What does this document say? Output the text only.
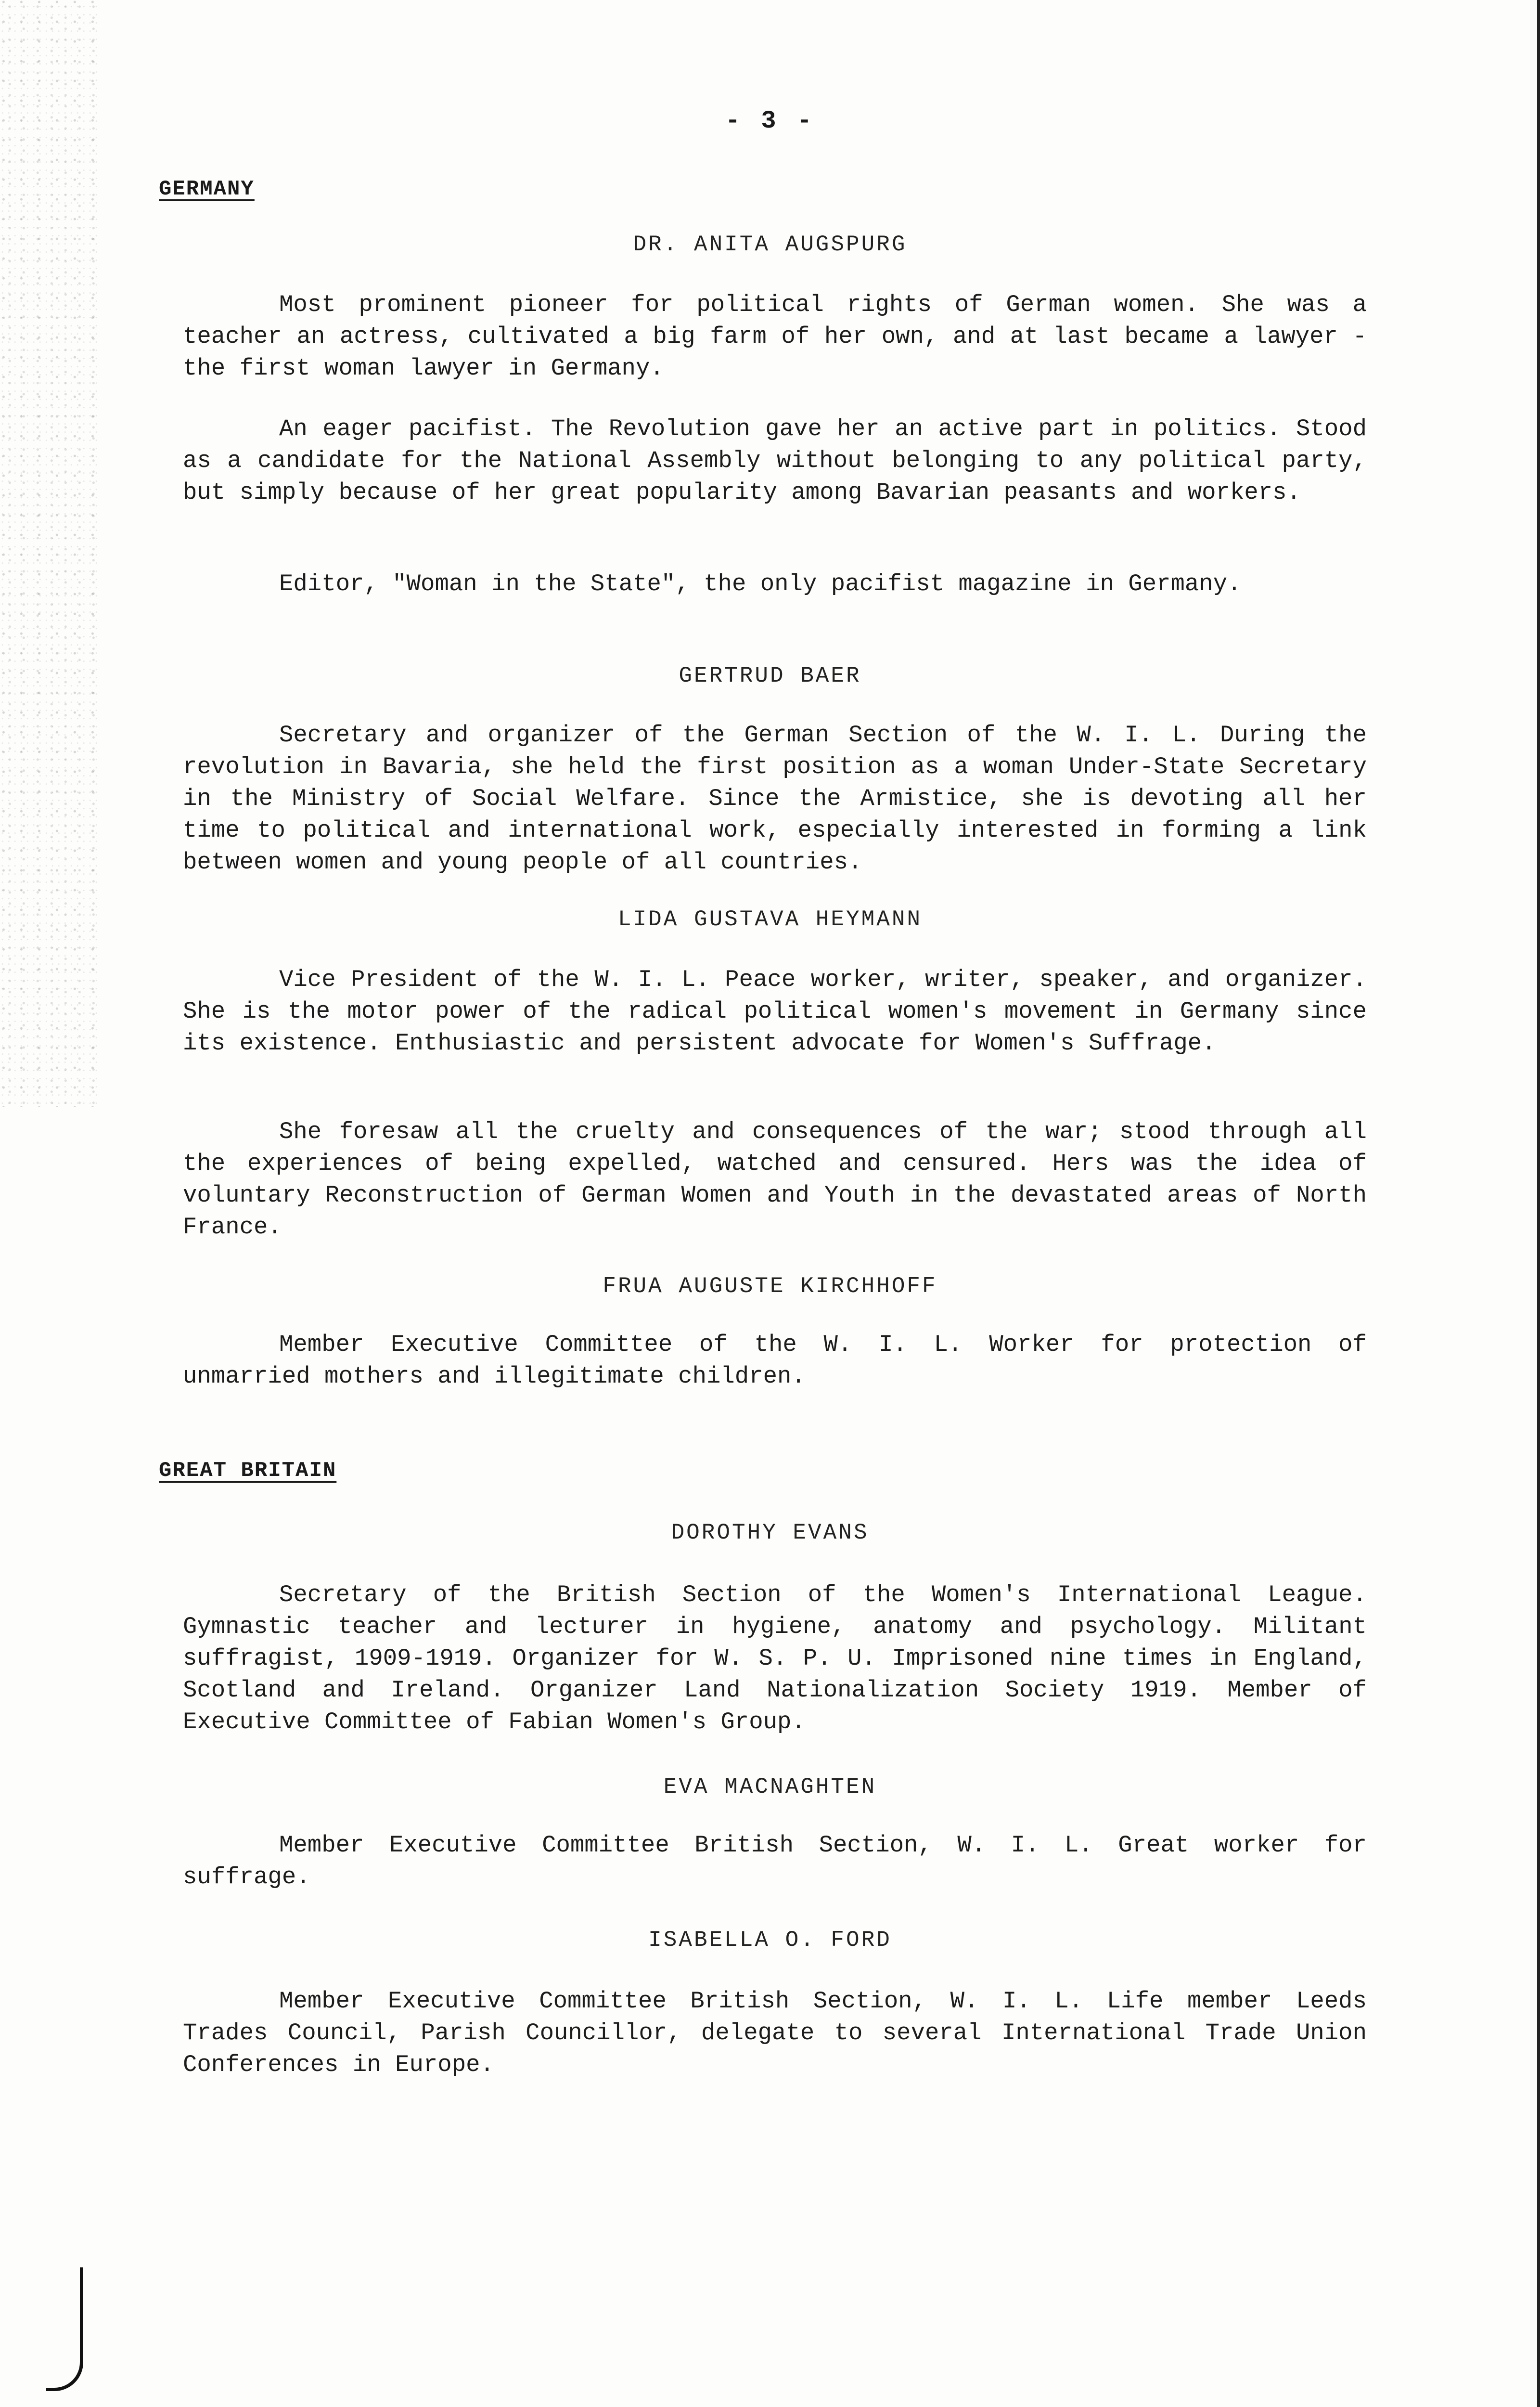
- 3 -
GERMANY
DR. ANITA AUGSPURG

Most prominent pioneer for political rights of German women. She was a teacher an actress, cultivated a big farm of her own, and at last became a lawyer - the first woman lawyer in Germany.

An eager pacifist. The Revolution gave her an active part in politics. Stood as a candidate for the National Assembly without belonging to any political party, but simply because of her great popularity among Bavarian peasants and workers.

Editor, "Woman in the State", the only pacifist magazine in Germany.

GERTRUD BAER

Secretary and organizer of the German Section of the W. I. L. During the revolution in Bavaria, she held the first position as a woman Under-State Secretary in the Ministry of Social Welfare. Since the Armistice, she is devoting all her time to political and international work, especially interested in forming a link between women and young people of all countries.

LIDA GUSTAVA HEYMANN

Vice President of the W. I. L. Peace worker, writer, speaker, and organizer. She is the motor power of the radical political women's movement in Germany since its existence. Enthusiastic and persistent advocate for Women's Suffrage.

She foresaw all the cruelty and consequences of the war; stood through all the experiences of being expelled, watched and censured. Hers was the idea of voluntary Reconstruction of German Women and Youth in the devastated areas of North France.

FRUA AUGUSTE KIRCHHOFF

Member Executive Committee of the W. I. L. Worker for protection of unmarried mothers and illegitimate children.

GREAT BRITAIN
DOROTHY EVANS

Secretary of the British Section of the Women's International League. Gymnastic teacher and lecturer in hygiene, anatomy and psychology. Militant suffragist, 1909-1919. Organizer for W. S. P. U. Imprisoned nine times in England, Scotland and Ireland. Organizer Land Nationalization Society 1919. Member of Executive Committee of Fabian Women's Group.

EVA MACNAGHTEN

Member Executive Committee British Section, W. I. L. Great worker for suffrage.

ISABELLA O. FORD

Member Executive Committee British Section, W. I. L. Life member Leeds Trades Council, Parish Councillor, delegate to several International Trade Union Conferences in Europe.
